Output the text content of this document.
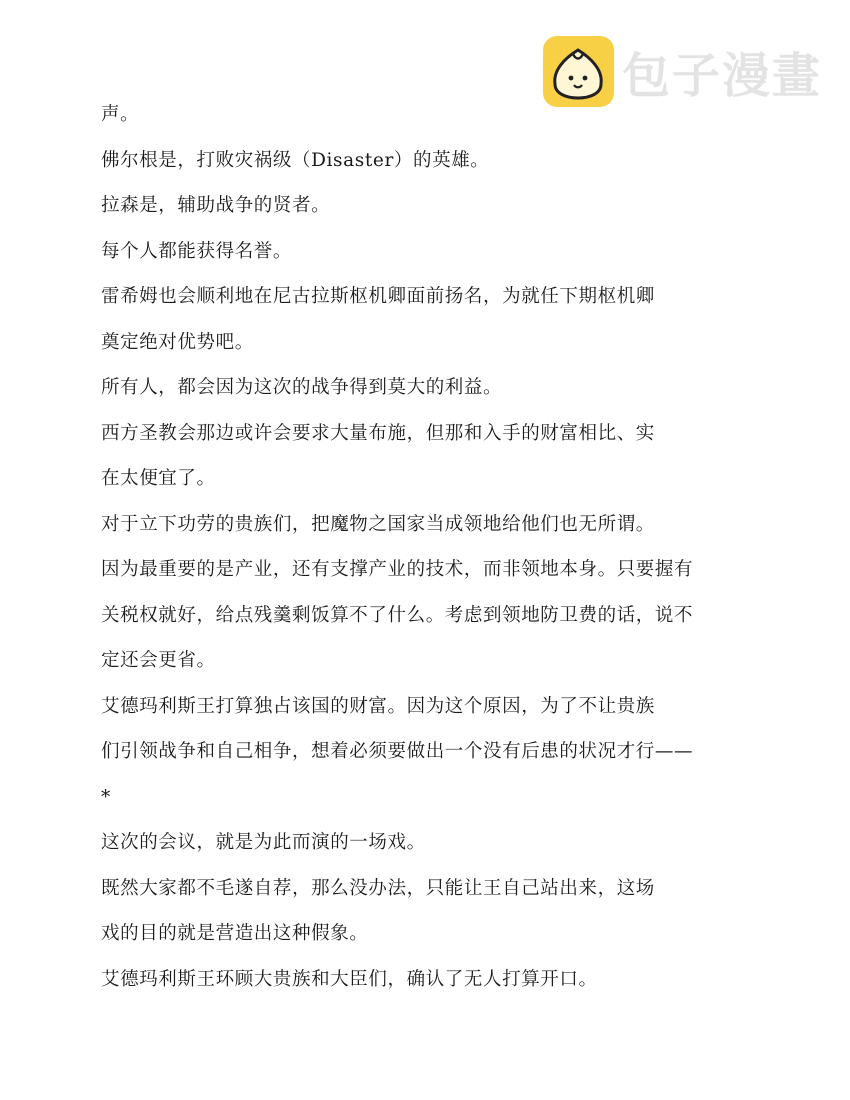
包子漫畫
声。
佛尔根是，打败灾祸级（Disaster）的英雄。
拉森是，辅助战争的贤者。
每个人都能获得名誉。
雷希姆也会顺利地在尼古拉斯枢机卿面前扬名，为就任下期枢机卿
奠定绝对优势吧。
所有人，都会因为这次的战争得到莫大的利益。
西方圣教会那边或许会要求大量布施，但那和入手的财富相比、实
在太便宜了。
对于立下功劳的贵族们，把魔物之国家当成领地给他们也无所谓。
因为最重要的是产业，还有支撑产业的技术，而非领地本身。只要握有
关税权就好，给点残羹剩饭算不了什么。考虑到领地防卫费的话，说不
定还会更省。
艾德玛利斯王打算独占该国的财富。因为这个原因，为了不让贵族
们引领战争和自己相争，想着必须要做出一个没有后患的状况才行——
*
这次的会议，就是为此而演的一场戏。
既然大家都不毛遂自荐，那么没办法，只能让王自己站出来，这场
戏的目的就是营造出这种假象。
艾德玛利斯王环顾大贵族和大臣们，确认了无人打算开口。
